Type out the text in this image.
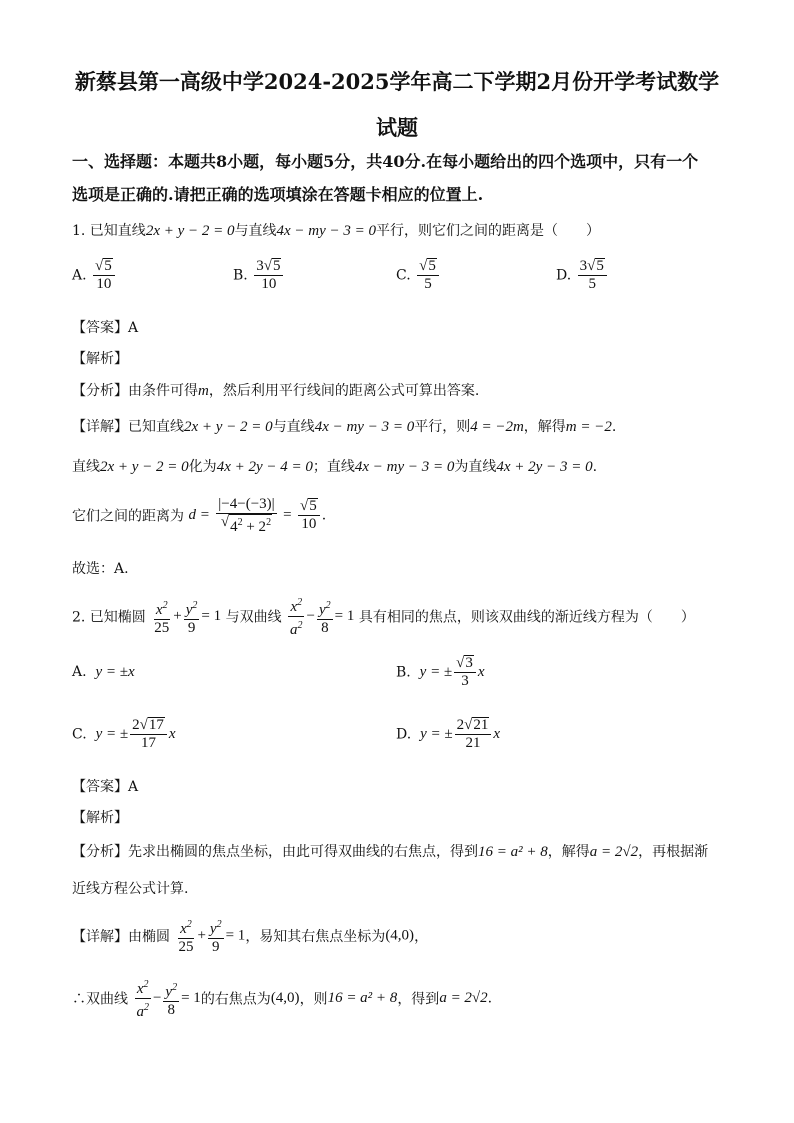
新蔡县第一高级中学2024-2025学年高二下学期2月份开学考试数学
试题
一、选择题：本题共8小题，每小题5分，共40分.在每小题给出的四个选项中，只有一个
选项是正确的.请把正确的选项填涂在答题卡相应的位置上.
1. 已知直线2x + y − 2 = 0与直线4x − my − 3 = 0平行，则它们之间的距离是（　　）
A. $\frac{√ 5}{10}$	B. $\frac{3 √ 5}{10}$	C. $\frac{√ 5}{5}$	D. $\frac{3 √ 5}{5}$
【答案】A
【解析】
【分析】由条件可得m，然后利用平行线间的距离公式可算出答案.
【详解】已知直线2x + y − 2 = 0与直线4x − my − 3 = 0平行，则4 = −2m，解得m = −2.
直线2x + y − 2 = 0化为4x + 2y − 4 = 0；直线4x − my − 3 = 0为直线4x + 2y − 3 = 0.
它们之间的距离为 $d = \frac{|-4-(-3)|}{√ 4^2 + 2^2} = \frac{√ 5}{10}$ .
故选：A.
2. 已知椭圆 $\frac{x^2}{25} + \frac{y^2}{9} = 1$ 与双曲线 $\frac{x^2}{a^2} - \frac{y^2}{8} = 1$ 具有相同的焦点，则该双曲线的渐近线方程为（　　）
A. y = ±x	B. y = ± $\frac{√ 3}{3}$ x
C. y = ± $\frac{2 √ 17}{17}$ x	D. y = ± $\frac{2 √ 21}{21}$ x
【答案】A
【解析】
【分析】先求出椭圆的焦点坐标，由此可得双曲线的右焦点，得到16 = a² + 8，解得a = 2√2，再根据渐
近线方程公式计算.
【详解】由椭圆 $\frac{x^2}{25} + \frac{y^2}{9} = 1$，易知其右焦点坐标为(4,0)，
∴双曲线 $\frac{x^2}{a^2} - \frac{y^2}{8} = 1$的右焦点为(4,0)，则16 = a² + 8，得到a = 2√2.
